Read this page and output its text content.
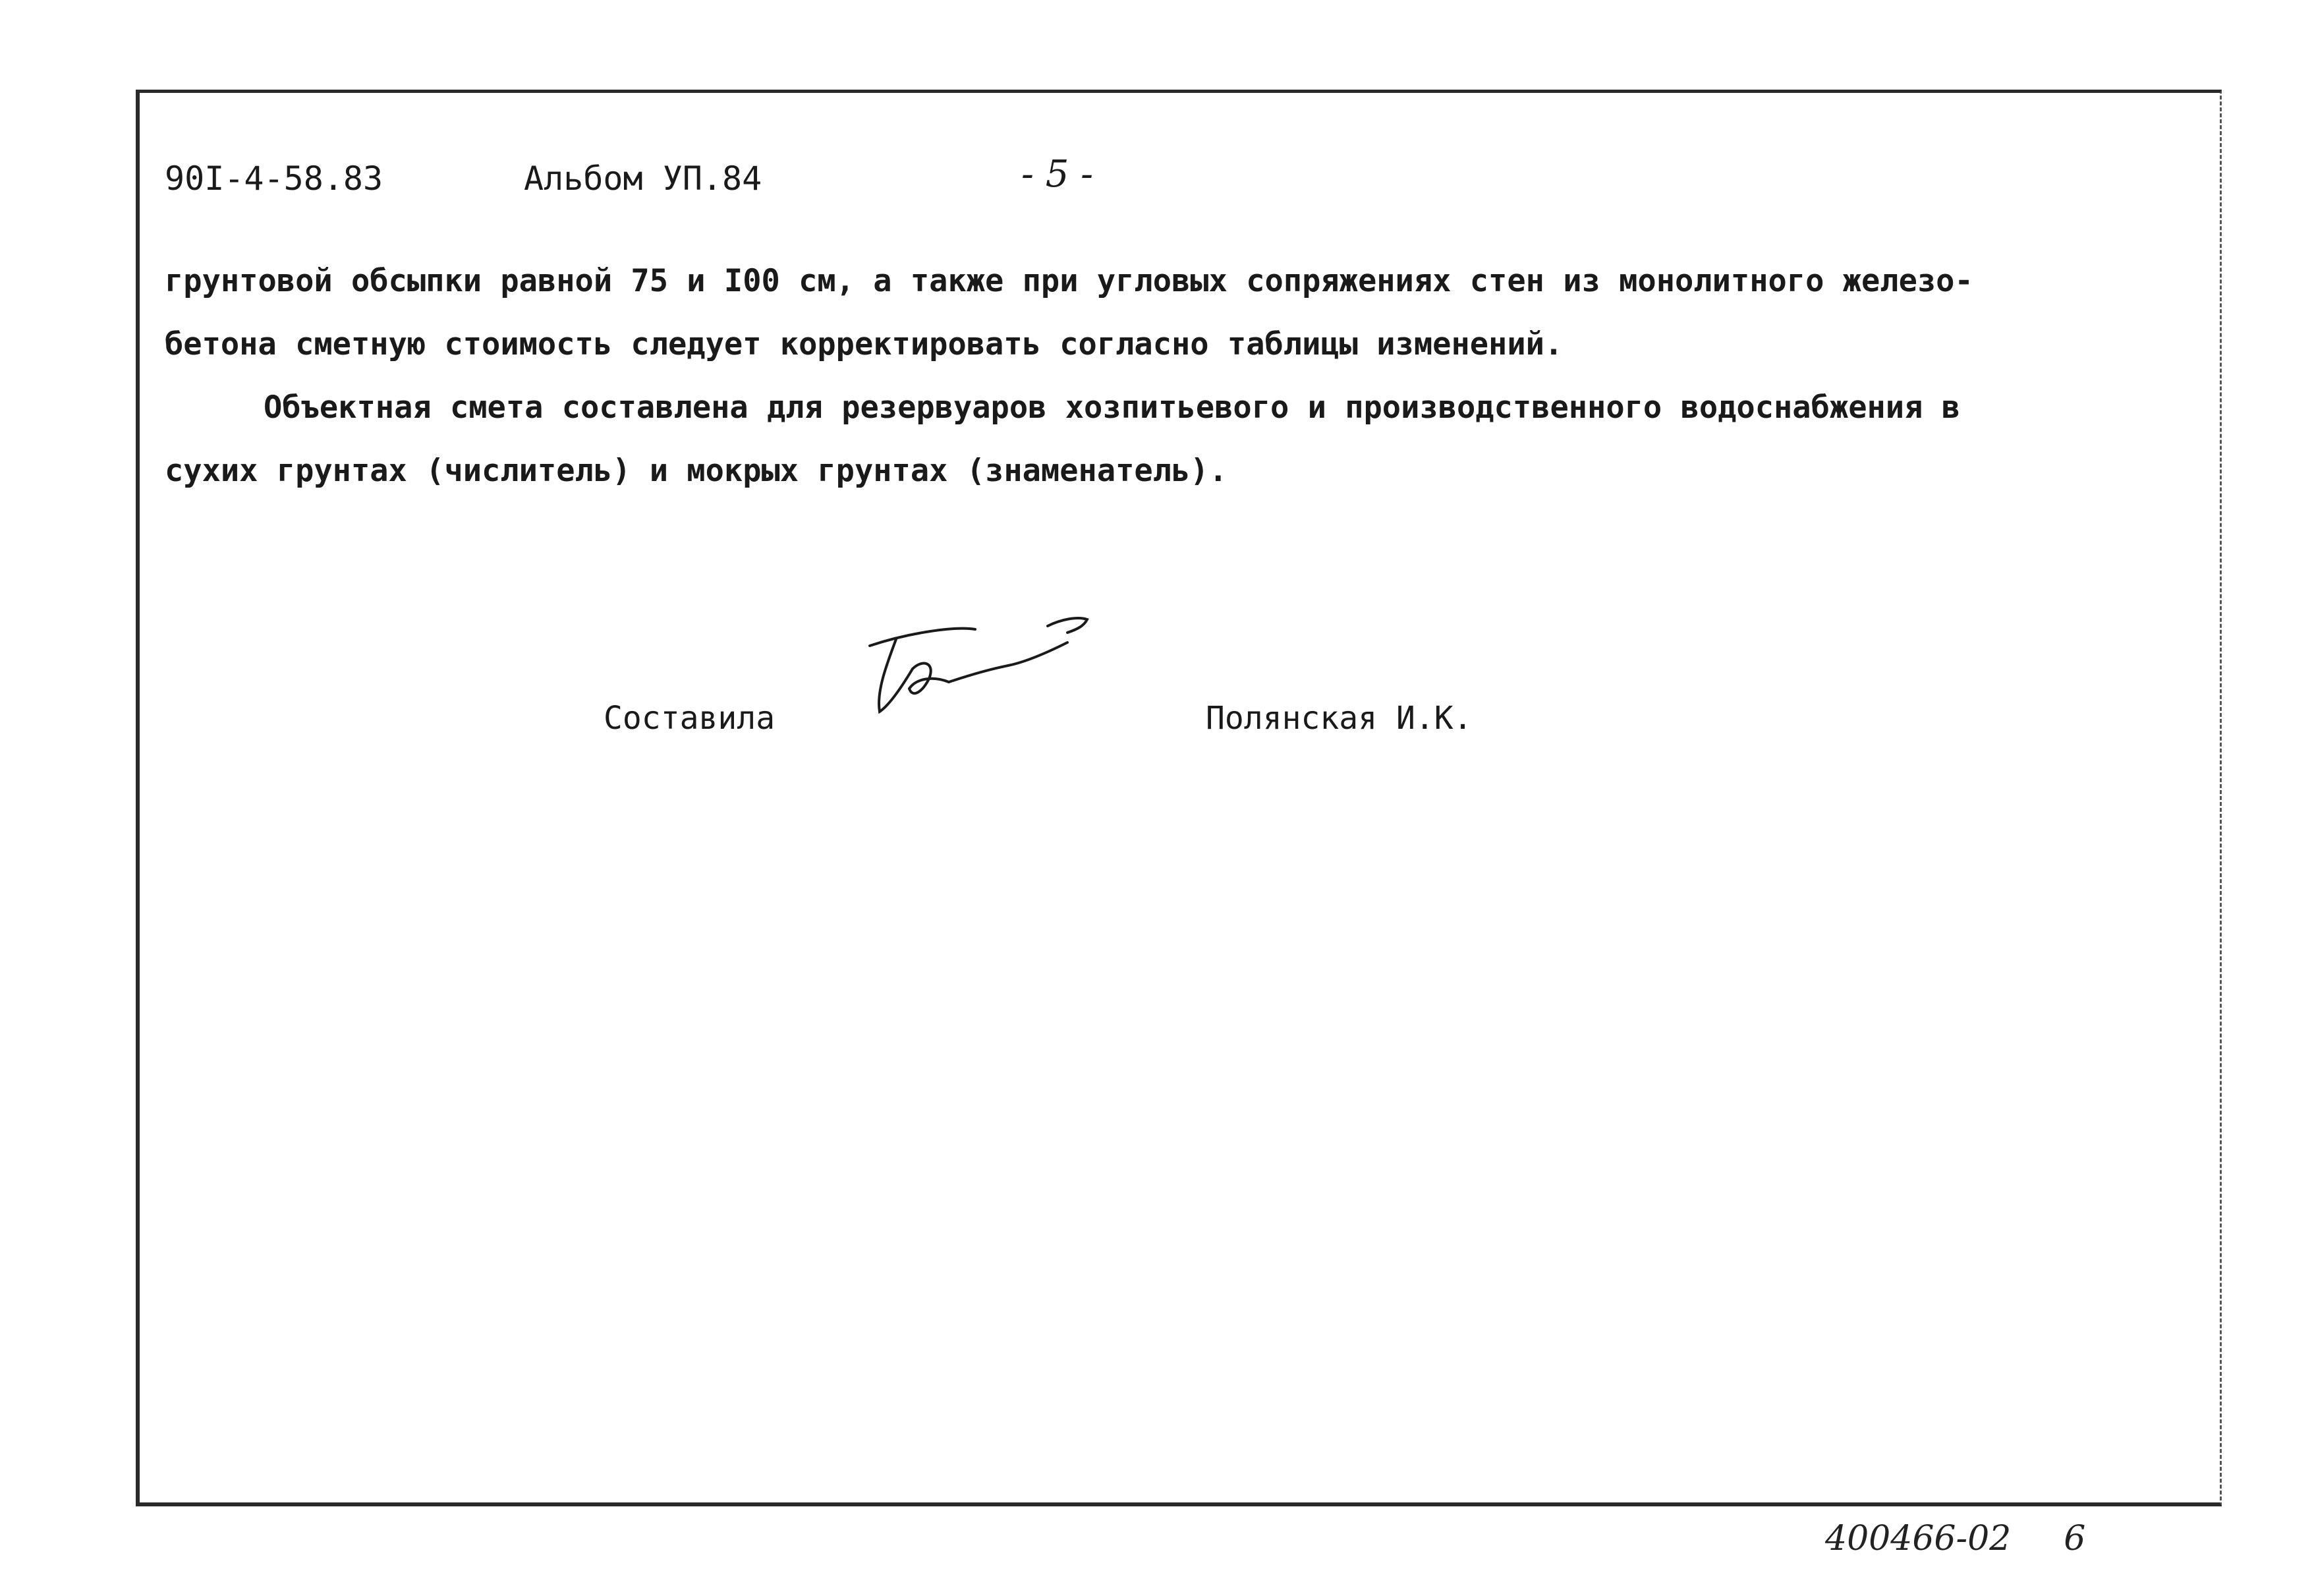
90I-4-58.83	Альбом УП.84	- 5 -

грунтовой обсыпки равной 75 и I00 см, а также при угловых сопряжениях стен из монолитного железо-

бетона сметную стоимость следует корректировать согласно таблицы изменений.

Объектная смета составлена для резервуаров хозпитьевого и производственного водоснабжения в

сухих грунтах (числитель) и мокрых грунтах (знаменатель).

Составила	Полянская И.К.
400466-02 6
